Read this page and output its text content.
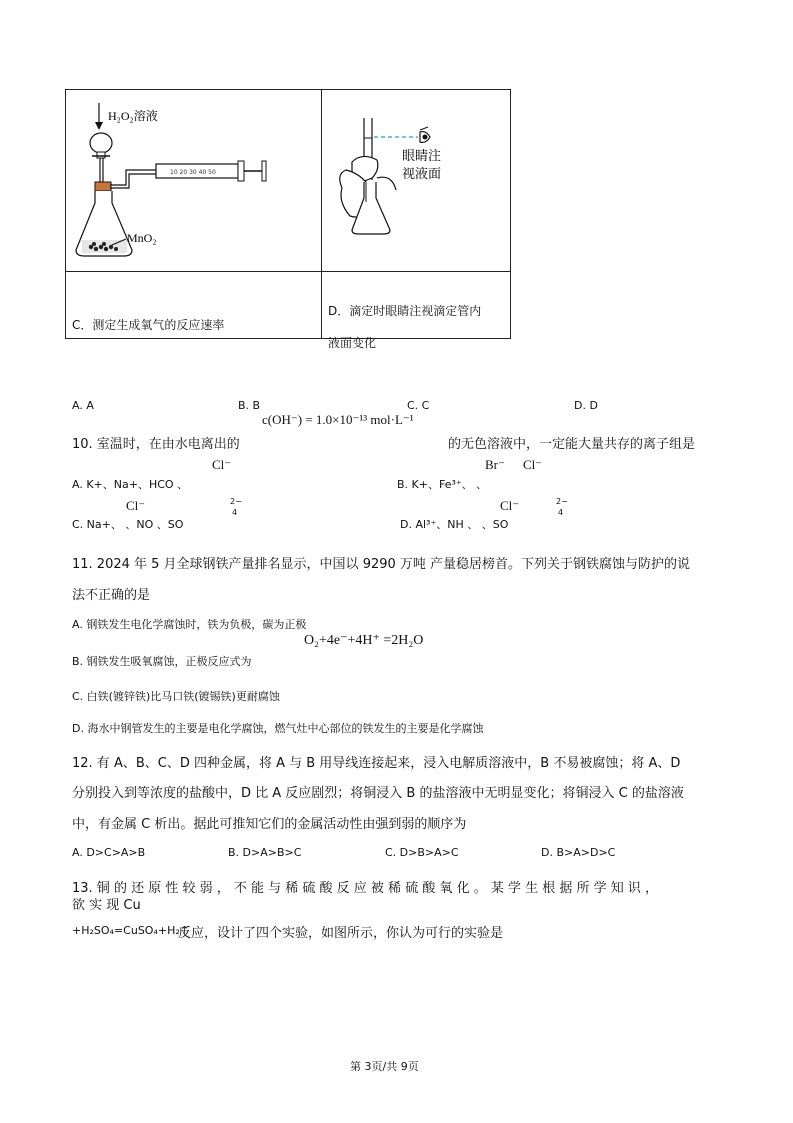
H₂O₂溶液
10 20 30 40 50
MnO₂	眼睛注
视液面

C．测定生成氧气的反应速率	D．滴定时眼睛注视滴定管内
液面变化
A. A	B. B	C. C	D. D
10. 室温时，在由水电离出的
c(OH⁻) = 1.0×10⁻¹³ mol·L⁻¹
的无色溶液中，一定能大量共存的离子组是
A. K+、Na+、HCO 、
Cl⁻
B. K+、Fe³⁺、 、
Br⁻ Cl⁻
C. Na+、 、NO 、SO
Cl⁻	2−
4
D. Al³⁺、NH 、 、SO
Cl⁻	2−
4
11. 2024 年 5 月全球钢铁产量排名显示，中国以 9290 万吨 产量稳居榜首。下列关于钢铁腐蚀与防护的说
法不正确的是
A. 钢铁发生电化学腐蚀时，铁为负极，碳为正极
O₂+4e⁻+4H⁺ =2H₂O
B. 钢铁发生吸氧腐蚀，正极反应式为
C. 白铁(镀锌铁)比马口铁(镀锡铁)更耐腐蚀
D. 海水中钢管发生的主要是电化学腐蚀，燃气灶中心部位的铁发生的主要是化学腐蚀
12. 有 A、B、C、D 四种金属，将 A 与 B 用导线连接起来，浸入电解质溶液中，B 不易被腐蚀；将 A、D
分别投入到等浓度的盐酸中，D 比 A 反应剧烈；将铜浸入 B 的盐溶液中无明显变化；将铜浸入 C 的盐溶液
中，有金属 C 析出。据此可推知它们的金属活动性由强到弱的顺序为
A. D>C>A>B	B. D>A>B>C	C. D>B>A>C	D. B>A>D>C
13. 铜 的 还 原 性 较 弱 ， 不 能 与 稀 硫 酸 反 应 被 稀 硫 酸 氧 化 。 某 学 生 根 据 所 学 知 识 ，
欲 实 现 Cu
+H₂SO₄=CuSO₄+H₂↑
反应，设计了四个实验，如图所示，你认为可行的实验是
第 3页/共 9页
